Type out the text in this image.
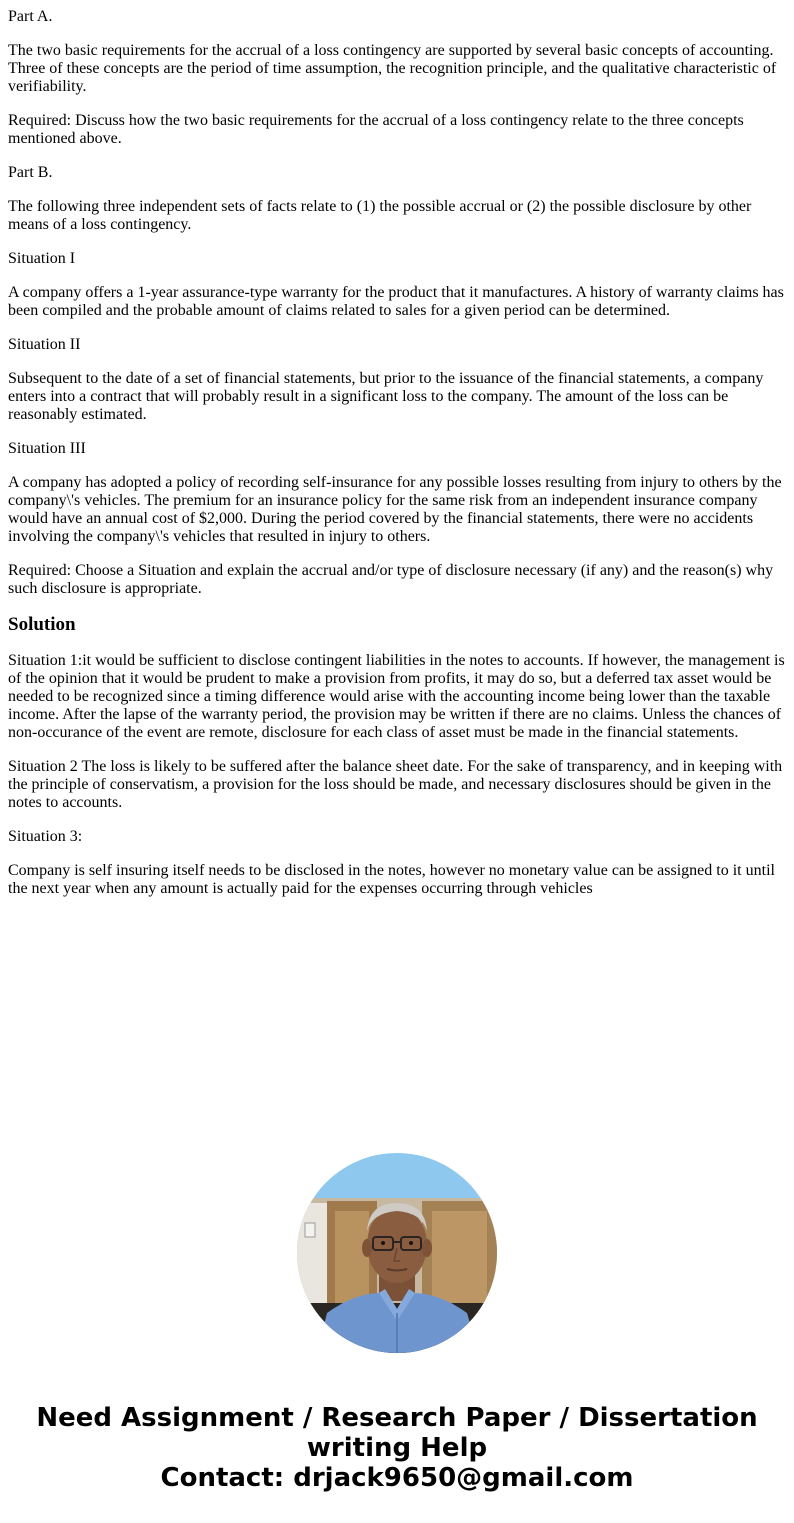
Part A.

The two basic requirements for the accrual of a loss contingency are supported by several basic concepts of accounting. Three of these concepts are the period of time assumption, the recognition principle, and the qualitative characteristic of verifiability.

Required: Discuss how the two basic requirements for the accrual of a loss contingency relate to the three concepts mentioned above.

Part B.

The following three independent sets of facts relate to (1) the possible accrual or (2) the possible disclosure by other means of a loss contingency.

Situation I

A company offers a 1-year assurance-type warranty for the product that it manufactures. A history of warranty claims has been compiled and the probable amount of claims related to sales for a given period can be determined.

Situation II

Subsequent to the date of a set of financial statements, but prior to the issuance of the financial statements, a company enters into a contract that will probably result in a significant loss to the company. The amount of the loss can be reasonably estimated.

Situation III

A company has adopted a policy of recording self-insurance for any possible losses resulting from injury to others by the company\'s vehicles. The premium for an insurance policy for the same risk from an independent insurance company would have an annual cost of $2,000. During the period covered by the financial statements, there were no accidents involving the company\'s vehicles that resulted in injury to others.

Required: Choose a Situation and explain the accrual and/or type of disclosure necessary (if any) and the reason(s) why such disclosure is appropriate.

Solution

Situation 1:it would be sufficient to disclose contingent liabilities in the notes to accounts. If however, the management is of the opinion that it would be prudent to make a provision from profits, it may do so, but a deferred tax asset would be needed to be recognized since a timing difference would arise with the accounting income being lower than the taxable income. After the lapse of the warranty period, the provision may be written if there are no claims. Unless the chances of non-occurance of the event are remote, disclosure for each class of asset must be made in the financial statements.

Situation 2 The loss is likely to be suffered after the balance sheet date. For the sake of transparency, and in keeping with the principle of conservatism, a provision for the loss should be made, and necessary disclosures should be given in the notes to accounts.

Situation 3:

Company is self insuring itself needs to be disclosed in the notes, however no monetary value can be assigned to it until the next year when any amount is actually paid for the expenses occurring through vehicles

Need Assignment / Research Paper / Dissertation
writing Help
Contact: drjack9650@gmail.com
